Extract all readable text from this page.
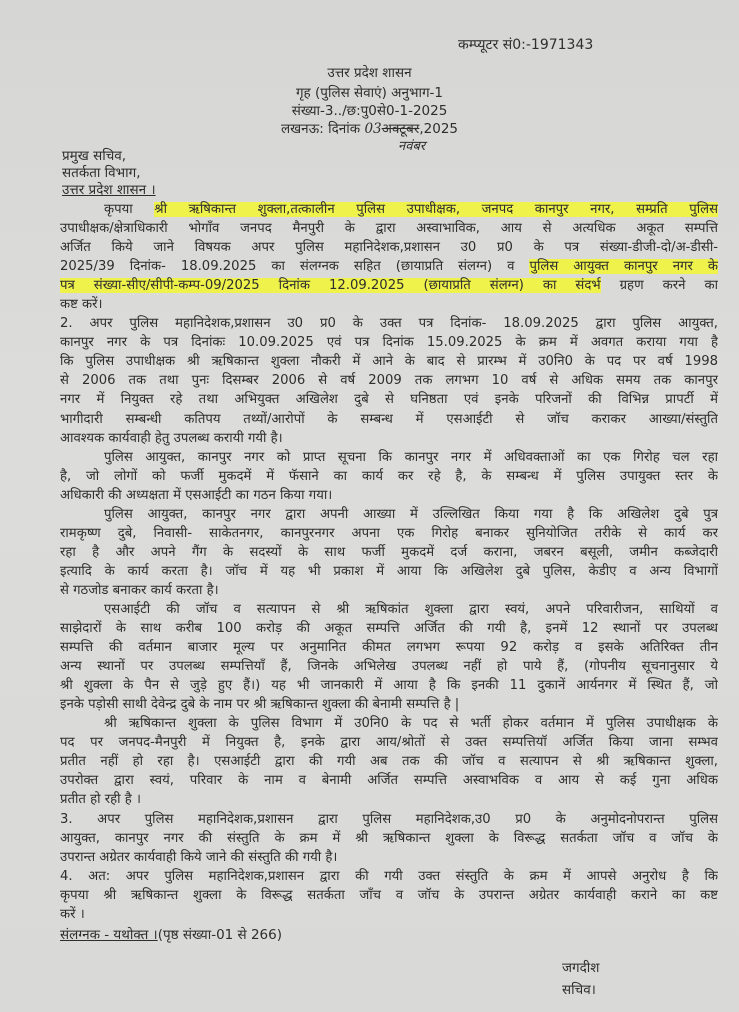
कम्प्यूटर सं0:-1971343
उत्तर प्रदेश शासन
गृह (पुलिस सेवाएं) अनुभाग-1
संख्या-3../छ:पु0से0-1-2025
लखनऊ: दिनांक 03अक्टूबर,2025
नवंबर
प्रमुख सचिव,
सतर्कता विभाग,
उत्तर प्रदेश शासन ।
कृपया श्री ऋषिकान्त शुक्ला,तत्कालीन पुलिस उपाधीक्षक, जनपद कानपुर नगर, सम्प्रति पुलिस
उपाधीक्षक/क्षेत्राधिकारी भोगाँव जनपद मैनपुरी के द्वारा अस्वाभाविक, आय से अत्यधिक अकूत सम्पत्ति
अर्जित किये जाने विषयक अपर पुलिस महानिदेशक,प्रशासन उ0 प्र0 के पत्र संख्या-डीजी-दो/अ-डीसी-
2025/39 दिनांक- 18.09.2025 का संलग्नक सहित (छायाप्रति संलग्न) व पुलिस आयुक्त कानपुर नगर के
पत्र संख्या-सीए/सीपी-कम्प-09/2025 दिनांक 12.09.2025 (छायाप्रति संलग्न) का संदर्भ ग्रहण करने का
कष्ट करें।
2. अपर पुलिस महानिदेशक,प्रशासन उ0 प्र0 के उक्त पत्र दिनांक- 18.09.2025 द्वारा पुलिस आयुक्त,
कानपुर नगर के पत्र दिनांकः 10.09.2025 एवं पत्र दिनांक 15.09.2025 के क्रम में अवगत कराया गया है
कि पुलिस उपाधीक्षक श्री ऋषिकान्त शुक्ला नौकरी में आने के बाद से प्रारम्भ में उ0नि0 के पद पर वर्ष 1998
से 2006 तक तथा पुनः दिसम्बर 2006 से वर्ष 2009 तक लगभग 10 वर्ष से अधिक समय तक कानपुर
नगर में नियुक्त रहे तथा अभियुक्त अखिलेश दुबे से घनिष्ठता एवं इनके परिजनों की विभिन्न प्रापर्टी में
भागीदारी सम्बन्धी कतिपय तथ्यों/आरोपों के सम्बन्ध में एसआईटी से जॉच कराकर आख्या/संस्तुति
आवश्यक कार्यवाही हेतु उपलब्ध करायी गयी है।
पुलिस आयुक्त, कानपुर नगर को प्राप्त सूचना कि कानपुर नगर में अधिवक्ताओं का एक गिरोह चल रहा
है, जो लोगों को फर्जी मुकदमें में फॅसाने का कार्य कर रहे है, के सम्बन्ध में पुलिस उपायुक्त स्तर के
अधिकारी की अध्यक्षता में एसआईटी का गठन किया गया।
पुलिस आयुक्त, कानपुर नगर द्वारा अपनी आख्या में उल्लिखित किया गया है कि अखिलेश दुबे पुत्र
रामकृष्ण दुबे, निवासी- साकेतनगर, कानपुरनगर अपना एक गिरोह बनाकर सुनियोजित तरीके से कार्य कर
रहा है और अपने गैंग के सदस्यों के साथ फर्जी मुकदमें दर्ज कराना, जबरन बसूली, जमीन कब्जेदारी
इत्यादि के कार्य करता है। जॉच में यह भी प्रकाश में आया कि अखिलेश दुबे पुलिस, केडीए व अन्य विभागों
से गठजोड बनाकर कार्य करता है।
एसआईटी की जॉच व सत्यापन से श्री ऋषिकांत शुक्ला द्वारा स्वयं, अपने परिवारीजन, साथियों व
साझेदारों के साथ करीब 100 करोड़ की अकूत सम्पत्ति अर्जित की गयी है, इनमें 12 स्थानों पर उपलब्ध
सम्पत्ति की वर्तमान बाजार मूल्य पर अनुमानित कीमत लगभग रूपया 92 करोड़ व इसके अतिरिक्त तीन
अन्य स्थानों पर उपलब्ध सम्पत्तियाँ हैं, जिनके अभिलेख उपलब्ध नहीं हो पाये हैं, (गोपनीय सूचनानुसार ये
श्री शुक्ला के पैन से जुड़े हुए हैं।) यह भी जानकारी में आया है कि इनकी 11 दुकानें आर्यनगर में स्थित हैं, जो
इनके पड़ोसी साथी देवेन्द्र दुबे के नाम पर श्री ऋषिकान्त शुक्ला की बेनामी सम्पत्ति है |
श्री ऋषिकान्त शुक्ला के पुलिस विभाग में उ0नि0 के पद से भर्ती होकर वर्तमान में पुलिस उपाधीक्षक के
पद पर जनपद-मैनपुरी में नियुक्त है, इनके द्वारा आय/श्रोतों से उक्त सम्पत्तियॉ अर्जित किया जाना सम्भव
प्रतीत नहीं हो रहा है। एसआईटी द्वारा की गयी अब तक की जॉच व सत्यापन से श्री ऋषिकान्त शुक्ला,
उपरोक्त द्वारा स्वयं, परिवार के नाम व बेनामी अर्जित सम्पत्ति अस्वाभविक व आय से कई गुना अधिक
प्रतीत हो रही है ।
3. अपर पुलिस महानिदेशक,प्रशासन द्वारा पुलिस महानिदेशक,उ0 प्र0 के अनुमोदनोपरान्त पुलिस
आयुक्त, कानपुर नगर की संस्तुति के क्रम में श्री ऋषिकान्त शुक्ला के विरूद्ध सतर्कता जॉच व जॉच के
उपरान्त अग्रेतर कार्यवाही किये जाने की संस्तुति की गयी है।
4. अत: अपर पुलिस महानिदेशक,प्रशासन द्वारा की गयी उक्त संस्तुति के क्रम में आपसे अनुरोध है कि
कृपया श्री ऋषिकान्त शुक्ला के विरूद्ध सतर्कता जाँच व जॉच के उपरान्त अग्रेतर कार्यवाही कराने का कष्ट
करें ।
संलग्नक - यथोक्त ।(पृष्ठ संख्या-01 से 266)
जगदीश
सचिव।
